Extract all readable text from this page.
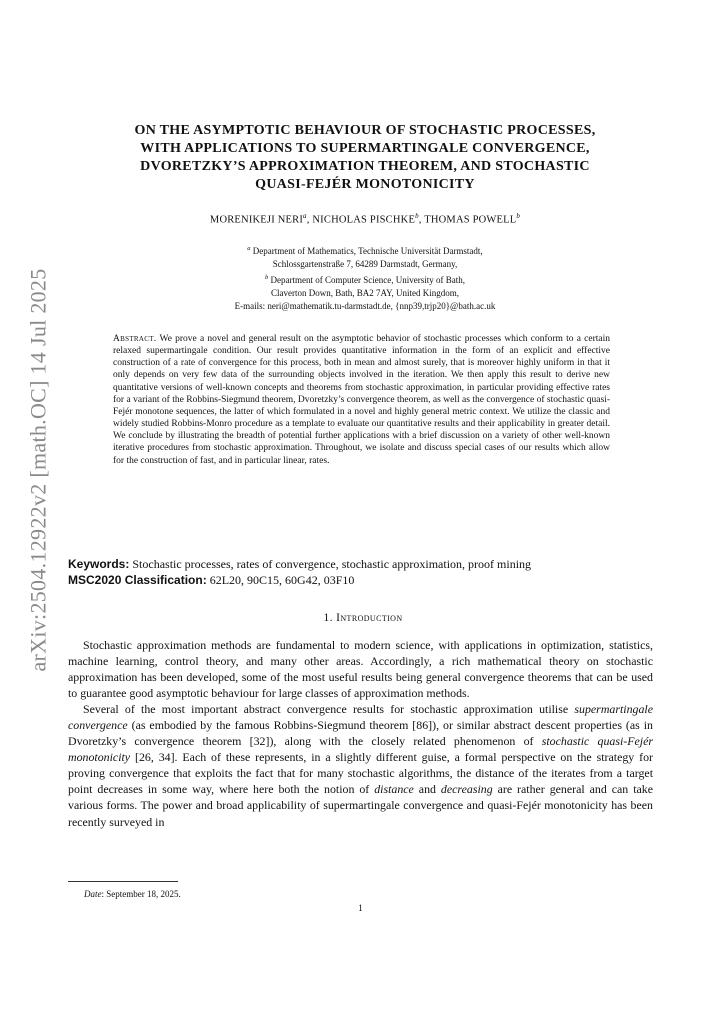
arXiv:2504.12922v2 [math.OC] 14 Jul 2025
ON THE ASYMPTOTIC BEHAVIOUR OF STOCHASTIC PROCESSES,
WITH APPLICATIONS TO SUPERMARTINGALE CONVERGENCE,
DVORETZKY’S APPROXIMATION THEOREM, AND STOCHASTIC
QUASI-FEJÉR MONOTONICITY
MORENIKEJI NERI$^a$, NICHOLAS PISCHKE$^b$, THOMAS POWELL$^b$
$^a$ Department of Mathematics, Technische Universität Darmstadt,
Schlossgartenstraße 7, 64289 Darmstadt, Germany,
$^b$ Department of Computer Science, University of Bath,
Claverton Down, Bath, BA2 7AY, United Kingdom,
E-mails: neri@mathematik.tu-darmstadt.de, {nnp39,trjp20}@bath.ac.uk
Abstract. We prove a novel and general result on the asymptotic behavior of stochastic processes which conform to a certain relaxed supermartingale condition. Our result provides quantitative information in the form of an explicit and effective construction of a rate of convergence for this process, both in mean and almost surely, that is moreover highly uniform in that it only depends on very few data of the surrounding objects involved in the iteration. We then apply this result to derive new quantitative versions of well-known concepts and theorems from stochastic approximation, in particular providing effective rates for a variant of the Robbins-Siegmund theorem, Dvoretzky’s convergence theorem, as well as the convergence of stochastic quasi-Fejér monotone sequences, the latter of which formulated in a novel and highly general metric context. We utilize the classic and widely studied Robbins-Monro procedure as a template to evaluate our quantitative results and their applicability in greater detail. We conclude by illustrating the breadth of potential further applications with a brief discussion on a variety of other well-known iterative procedures from stochastic approximation. Throughout, we isolate and discuss special cases of our results which allow for the construction of fast, and in particular linear, rates.
Keywords: Stochastic processes, rates of convergence, stochastic approximation, proof mining
MSC2020 Classification: 62L20, 90C15, 60G42, 03F10
1. Introduction

Stochastic approximation methods are fundamental to modern science, with applications in optimization, statistics, machine learning, control theory, and many other areas. Accordingly, a rich mathematical theory on stochastic approximation has been developed, some of the most useful results being general convergence theorems that can be used to guarantee good asymptotic behaviour for large classes of approximation methods.

Several of the most important abstract convergence results for stochastic approximation utilise supermartingale convergence (as embodied by the famous Robbins-Siegmund theorem [86]), or similar abstract descent properties (as in Dvoretzky’s convergence theorem [32]), along with the closely related phenomenon of stochastic quasi-Fejér monotonicity [26, 34]. Each of these represents, in a slightly different guise, a formal perspective on the strategy for proving convergence that exploits the fact that for many stochastic algorithms, the distance of the iterates from a target point decreases in some way, where here both the notion of distance and decreasing are rather general and can take various forms. The power and broad applicability of supermartingale convergence and quasi-Fejér monotonicity has been recently surveyed in

Date: September 18, 2025.
1
